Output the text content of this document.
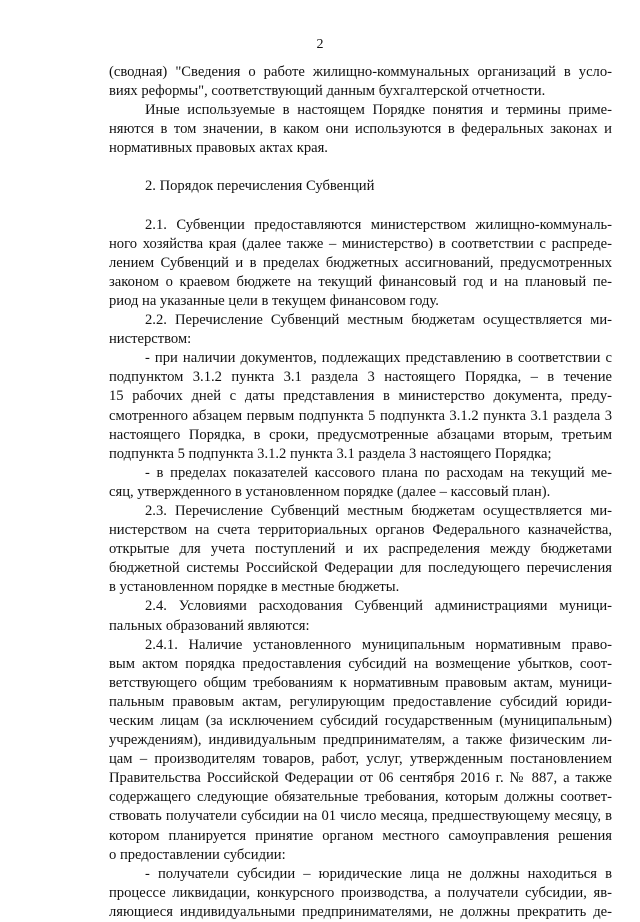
2
(сводная) "Сведения о работе жилищно-коммунальных организаций в усло-
виях реформы", соответствующий данным бухгалтерской отчетности.
Иные используемые в настоящем Порядке понятия и термины приме-
няются в том значении, в каком они используются в федеральных законах и
нормативных правовых актах края.
2. Порядок перечисления Субвенций
2.1. Субвенции предоставляются министерством жилищно-коммуналь-
ного хозяйства края (далее также – министерство) в соответствии с распреде-
лением Субвенций и в пределах бюджетных ассигнований, предусмотренных
законом о краевом бюджете на текущий финансовый год и на плановый пе-
риод на указанные цели в текущем финансовом году.
2.2. Перечисление Субвенций местным бюджетам осуществляется ми-
нистерством:
- при наличии документов, подлежащих представлению в соответствии с
подпунктом 3.1.2 пункта 3.1 раздела 3 настоящего Порядка, – в течение
15 рабочих дней с даты представления в министерство документа, преду-
смотренного абзацем первым подпункта 5 подпункта 3.1.2 пункта 3.1 раздела 3
настоящего Порядка, в сроки, предусмотренные абзацами вторым, третьим
подпункта 5 подпункта 3.1.2 пункта 3.1 раздела 3 настоящего Порядка;
- в пределах показателей кассового плана по расходам на текущий ме-
сяц, утвержденного в установленном порядке (далее – кассовый план).
2.3. Перечисление Субвенций местным бюджетам осуществляется ми-
нистерством на счета территориальных органов Федерального казначейства,
открытые для учета поступлений и их распределения между бюджетами
бюджетной системы Российской Федерации для последующего перечисления
в установленном порядке в местные бюджеты.
2.4. Условиями расходования Субвенций администрациями муници-
пальных образований являются:
2.4.1. Наличие установленного муниципальным нормативным право-
вым актом порядка предоставления субсидий на возмещение убытков, соот-
ветствующего общим требованиям к нормативным правовым актам, муници-
пальным правовым актам, регулирующим предоставление субсидий юриди-
ческим лицам (за исключением субсидий государственным (муниципальным)
учреждениям), индивидуальным предпринимателям, а также физическим ли-
цам – производителям товаров, работ, услуг, утвержденным постановлением
Правительства Российской Федерации от 06 сентября 2016 г. № 887, а также
содержащего следующие обязательные требования, которым должны соответ-
ствовать получатели субсидии на 01 число месяца, предшествующему месяцу, в
котором планируется принятие органом местного самоуправления решения
о предоставлении субсидии:
- получатели субсидии – юридические лица не должны находиться в
процессе ликвидации, конкурсного производства, а получатели субсидии, яв-
ляющиеся индивидуальными предпринимателями, не должны прекратить де-
